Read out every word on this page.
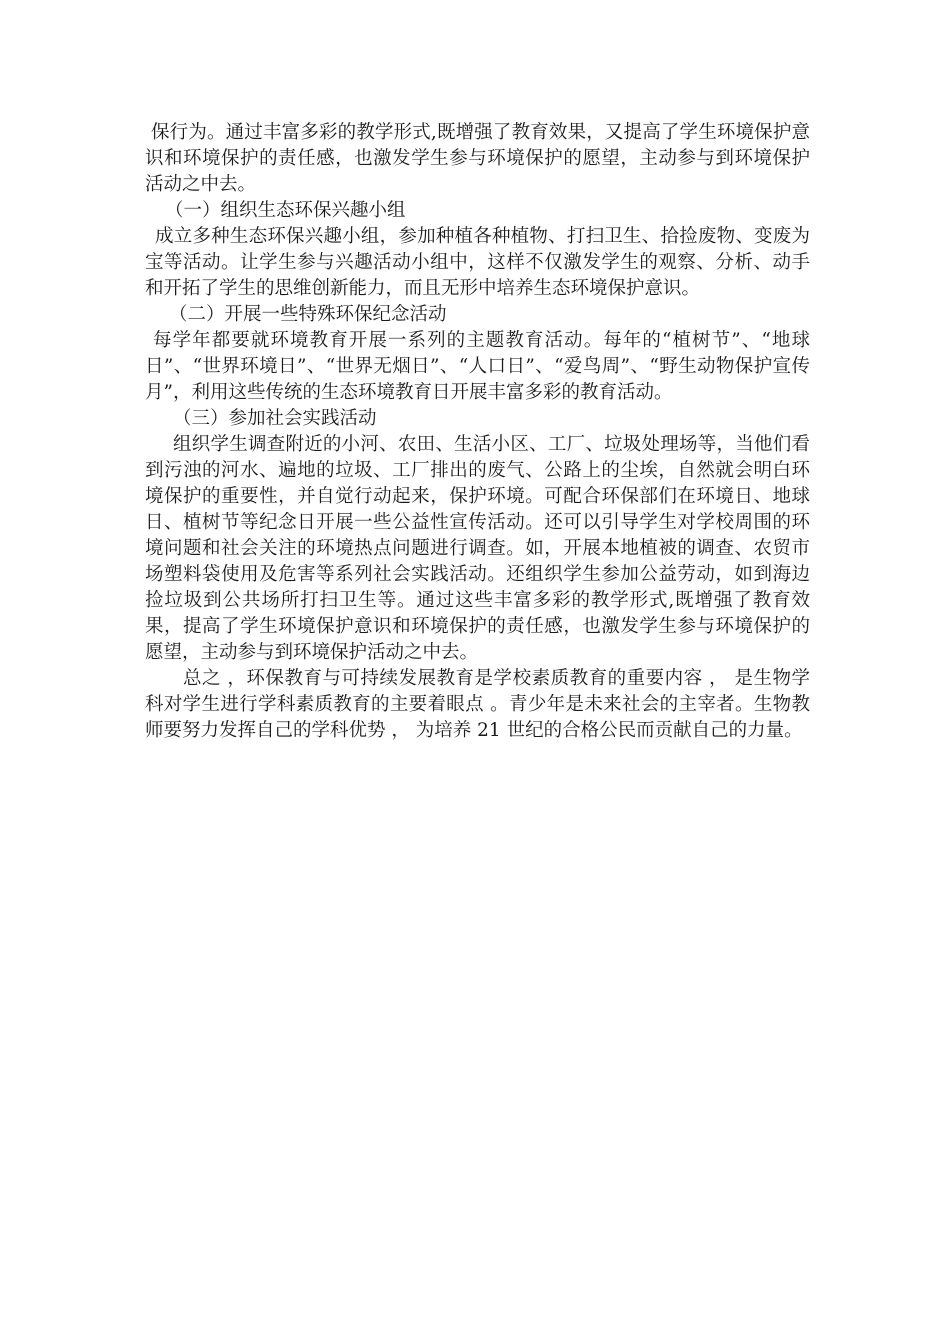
保行为。通过丰富多彩的教学形式,既增强了教育效果，又提高了学生环境保护意识和环境保护的责任感，也激发学生参与环境保护的愿望，主动参与到环境保护活动之中去。

（一）组织生态环保兴趣小组

成立多种生态环保兴趣小组，参加种植各种植物、打扫卫生、拾捡废物、变废为宝等活动。让学生参与兴趣活动小组中，这样不仅激发学生的观察、分析、动手和开拓了学生的思维创新能力，而且无形中培养生态环境保护意识。

（二）开展一些特殊环保纪念活动

每学年都要就环境教育开展一系列的主题教育活动。每年的“植树节”、“地球日”、“世界环境日”、“世界无烟日”、“人口日”、“爱鸟周”、“野生动物保护宣传月”，利用这些传统的生态环境教育日开展丰富多彩的教育活动。

（三）参加社会实践活动

组织学生调查附近的小河、农田、生活小区、工厂、垃圾处理场等，当他们看到污浊的河水、遍地的垃圾、工厂排出的废气、公路上的尘埃，自然就会明白环境保护的重要性，并自觉行动起来，保护环境。可配合环保部们在环境日、地球日、植树节等纪念日开展一些公益性宣传活动。还可以引导学生对学校周围的环境问题和社会关注的环境热点问题进行调查。如，开展本地植被的调查、农贸市场塑料袋使用及危害等系列社会实践活动。还组织学生参加公益劳动，如到海边捡垃圾到公共场所打扫卫生等。通过这些丰富多彩的教学形式,既增强了教育效果，提高了学生环境保护意识和环境保护的责任感，也激发学生参与环境保护的愿望，主动参与到环境保护活动之中去。

总之 ，环保教育与可持续发展教育是学校素质教育的重要内容 ， 是生物学科对学生进行学科素质教育的主要着眼点 。青少年是未来社会的主宰者。生物教师要努力发挥自己的学科优势 ， 为培养 21 世纪的合格公民而贡献自己的力量。
